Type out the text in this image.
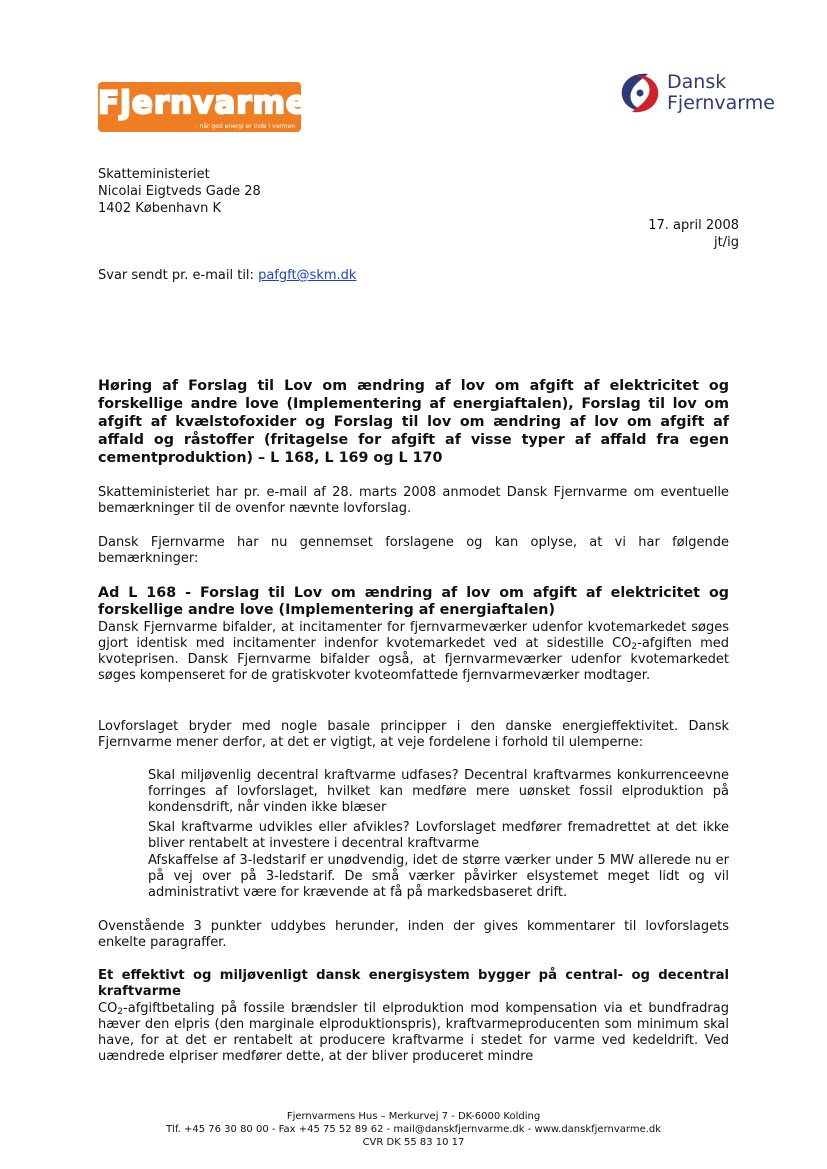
Fjernvarme
- når god energi er inde i varmen
Dansk
Fjernvarme
Skatteministeriet
Nicolai Eigtveds Gade 28
1402 København K
17. april 2008
jt/ig
Svar sendt pr. e-mail til: pafgft@skm.dk
Høring af Forslag til Lov om ændring af lov om afgift af elektricitet og forskellige andre love (Implementering af energiaftalen), Forslag til lov om afgift af kvælstofoxider og Forslag til lov om ændring af lov om afgift af affald og råstoffer (fritagelse for afgift af visse typer af affald fra egen cementproduktion) – L 168, L 169 og L 170
Skatteministeriet har pr. e-mail af 28. marts 2008 anmodet Dansk Fjernvarme om eventuelle bemærkninger til de ovenfor nævnte lovforslag.
Dansk Fjernvarme har nu gennemset forslagene og kan oplyse, at vi har følgende bemærkninger:
Ad L 168 - Forslag til Lov om ændring af lov om afgift af elektricitet og forskellige andre love (Implementering af energiaftalen)
Dansk Fjernvarme bifalder, at incitamenter for fjernvarmeværker udenfor kvotemarkedet søges gjort identisk med incitamenter indenfor kvotemarkedet ved at sidestille $CO_2$-afgiften med kvoteprisen. Dansk Fjernvarme bifalder også, at fjernvarmeværker udenfor kvotemarkedet søges kompenseret for de gratiskvoter kvoteomfattede fjernvarmeværker modtager.
Lovforslaget bryder med nogle basale principper i den danske energieffektivitet. Dansk Fjernvarme mener derfor, at det er vigtigt, at veje fordelene i forhold til ulemperne:
Skal miljøvenlig decentral kraftvarme udfases? Decentral kraftvarmes konkurrenceevne forringes af lovforslaget, hvilket kan medføre mere uønsket fossil elproduktion på kondensdrift, når vinden ikke blæser
Skal kraftvarme udvikles eller afvikles? Lovforslaget medfører fremadrettet at det ikke bliver rentabelt at investere i decentral kraftvarme
Afskaffelse af 3-ledstarif er unødvendig, idet de større værker under 5 MW allerede nu er på vej over på 3-ledstarif. De små værker påvirker elsystemet meget lidt og vil administrativt være for krævende at få på markedsbaseret drift.
Ovenstående 3 punkter uddybes herunder, inden der gives kommentarer til lovforslagets enkelte paragraffer.
Et effektivt og miljøvenligt dansk energisystem bygger på central- og decentral kraftvarme
$CO_2$-afgiftbetaling på fossile brændsler til elproduktion mod kompensation via et bundfradrag hæver den elpris (den marginale elproduktionspris), kraftvarmeproducenten som minimum skal have, for at det er rentabelt at producere kraftvarme i stedet for varme ved kedeldrift. Ved uændrede elpriser medfører dette, at der bliver produceret mindre
Fjernvarmens Hus – Merkurvej 7 - DK-6000 Kolding
Tlf. +45 76 30 80 00 - Fax +45 75 52 89 62 - mail@danskfjernvarme.dk - www.danskfjernvarme.dk
CVR DK 55 83 10 17
